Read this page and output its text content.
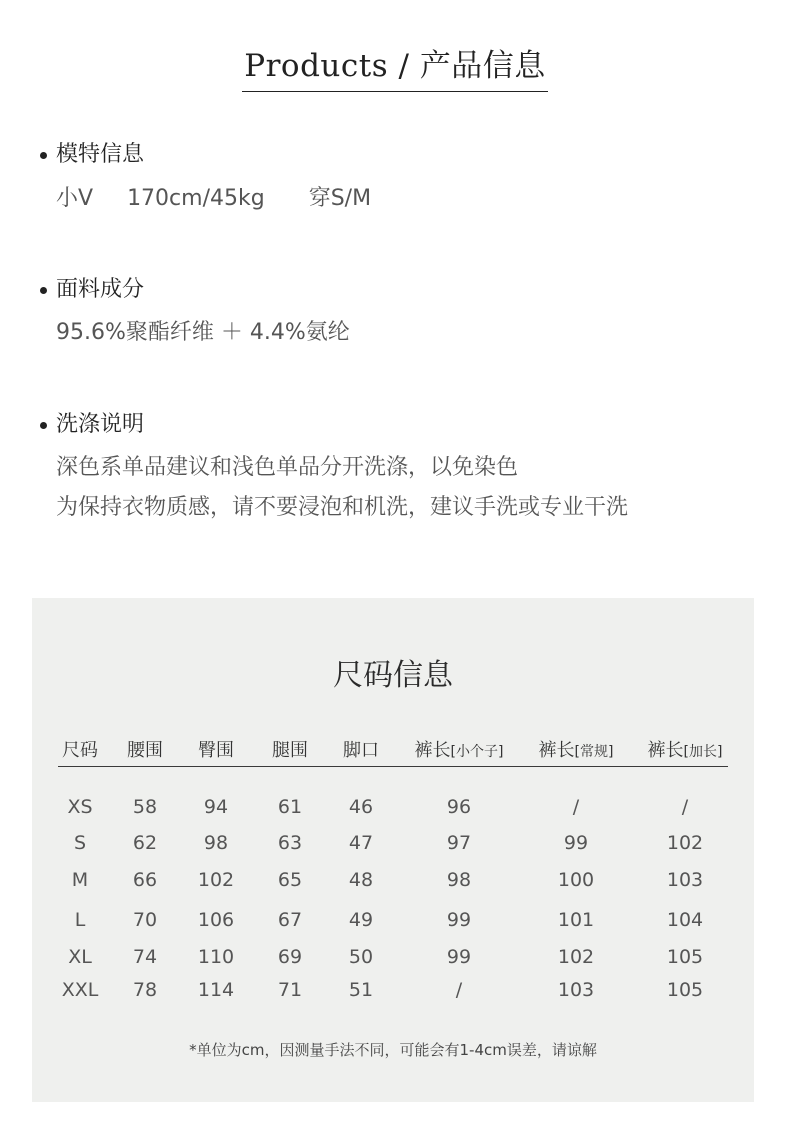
Products / 产品信息
模特信息
小V 170cm/45kg 穿S/M
面料成分
95.6%聚酯纤维 ＋ 4.4%氨纶
洗涤说明
深色系单品建议和浅色单品分开洗涤，以免染色
为保持衣物质感，请不要浸泡和机洗，建议手洗或专业干洗
尺码信息
尺码 腰围 臀围 腿围 脚口 裤长[小个子] 裤长[常规] 裤长[加长]
XS 58 94	61 46	96	/	/
S 62 98	63 47	97	99	102
M 66 102 65 48	98	100	103
L	70 106 67 49	99	101	104
XL 74 110 69 50	99	102	105
XXL 78 114 71 51	/	103	105
*单位为cm，因测量手法不同，可能会有1-4cm误差，请谅解
